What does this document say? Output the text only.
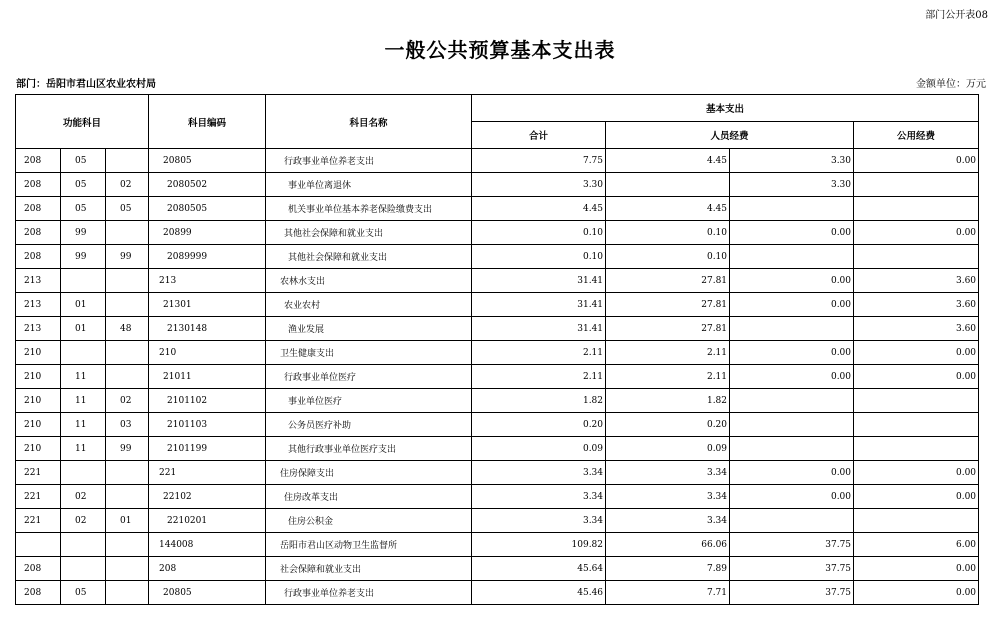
部门公开表08
一般公共预算基本支出表
部门：岳阳市君山区农业农村局	金额单位：万元
功能科目			科目编码	科目名称	基本支出			
					合计	人员经费		公用经费
208	05		20805	行政事业单位养老支出	7.75	4.45	3.30	0.00
208	05	02	2080502	事业单位离退休	3.30		3.30	
208	05	05	2080505	机关事业单位基本养老保险缴费支出	4.45	4.45		
208	99		20899	其他社会保障和就业支出	0.10	0.10	0.00	0.00
208	99	99	2089999	其他社会保障和就业支出	0.10	0.10		
213			213	农林水支出	31.41	27.81	0.00	3.60
213	01		21301	农业农村	31.41	27.81	0.00	3.60
213	01	48	2130148	渔业发展	31.41	27.81		3.60
210			210	卫生健康支出	2.11	2.11	0.00	0.00
210	11		21011	行政事业单位医疗	2.11	2.11	0.00	0.00
210	11	02	2101102	事业单位医疗	1.82	1.82		
210	11	03	2101103	公务员医疗补助	0.20	0.20		
210	11	99	2101199	其他行政事业单位医疗支出	0.09	0.09		
221			221	住房保障支出	3.34	3.34	0.00	0.00
221	02		22102	住房改革支出	3.34	3.34	0.00	0.00
221	02	01	2210201	住房公积金	3.34	3.34		
			144008	岳阳市君山区动物卫生监督所	109.82	66.06	37.75	6.00
208			208	社会保障和就业支出	45.64	7.89	37.75	0.00
208	05		20805	行政事业单位养老支出	45.46	7.71	37.75	0.00
